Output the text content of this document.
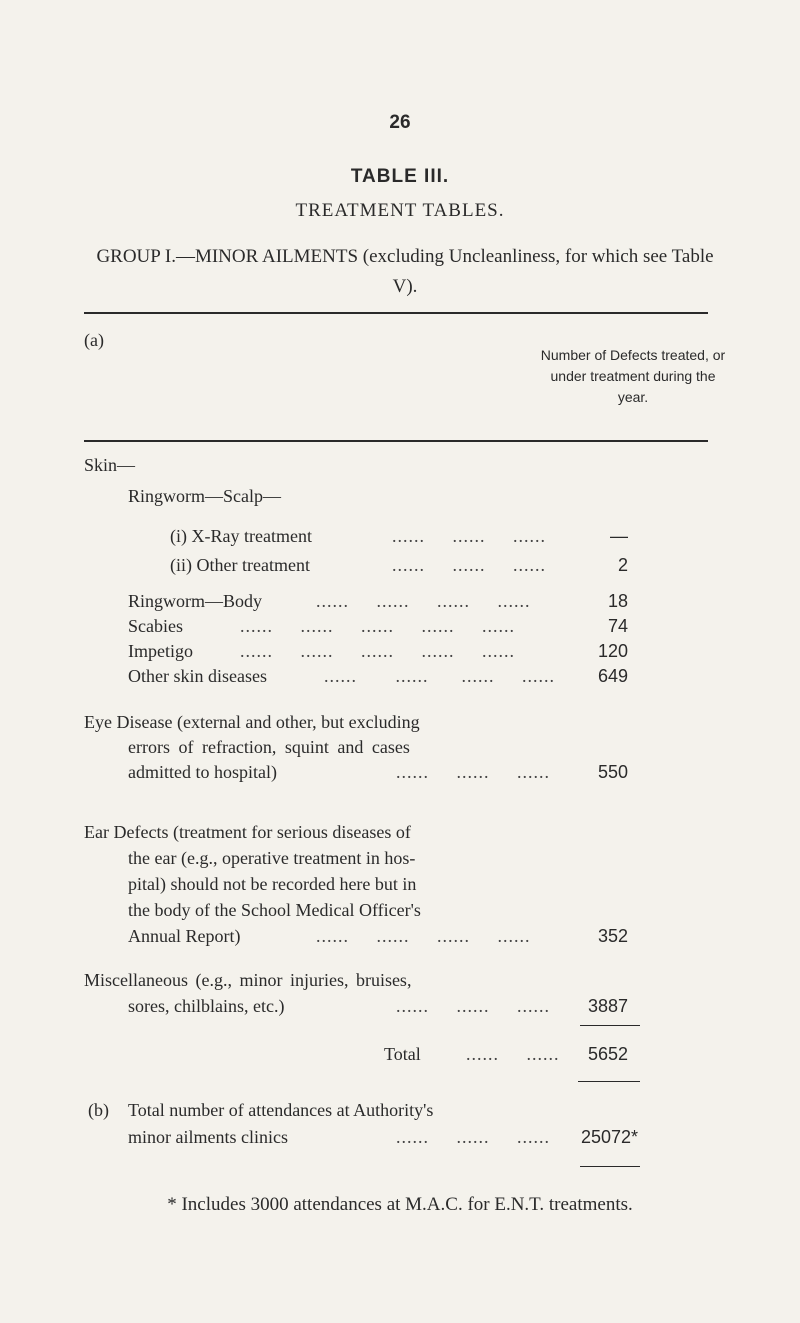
26
TABLE III.
TREATMENT TABLES.
GROUP I.—MINOR AILMENTS (excluding Uncleanliness, for which see Table V).
(a)
Number of Defects treated, or under treatment during the year.
Skin—
Ringworm—Scalp—
(i) X-Ray treatment	...... ...... ......	—
(ii) Other treatment	...... ...... ......	2
Ringworm—Body	...... ...... ...... ......	18
Scabies	...... ...... ...... ...... ......	74
Impetigo	...... ...... ...... ...... ......	120
Other skin diseases	...... ...... ...... ......	649
Eye Disease (external and other, but excluding
errors of refraction, squint and cases
admitted to hospital)	...... ...... ......	550
Ear Defects (treatment for serious diseases of
the ear (e.g., operative treatment in hos-
pital) should not be recorded here but in
the body of the School Medical Officer's
Annual Report)	...... ...... ...... ......	352
Miscellaneous (e.g., minor injuries, bruises,
sores, chilblains, etc.)	...... ...... ......	3887
Total	...... ......	5652
(b) Total number of attendances at Authority's
minor ailments clinics	...... ...... ......	25072*
* Includes 3000 attendances at M.A.C. for E.N.T. treatments.
